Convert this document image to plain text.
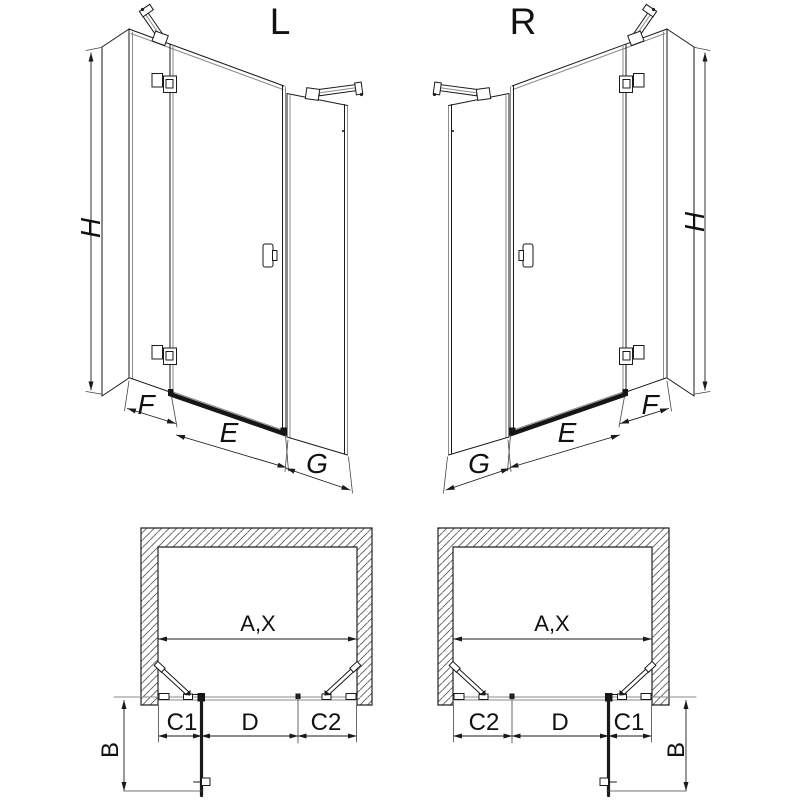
L
H
F
E
G
R
H
F
E
G
A,X
C1 D C2
B
A,X
C2 D C1
B
